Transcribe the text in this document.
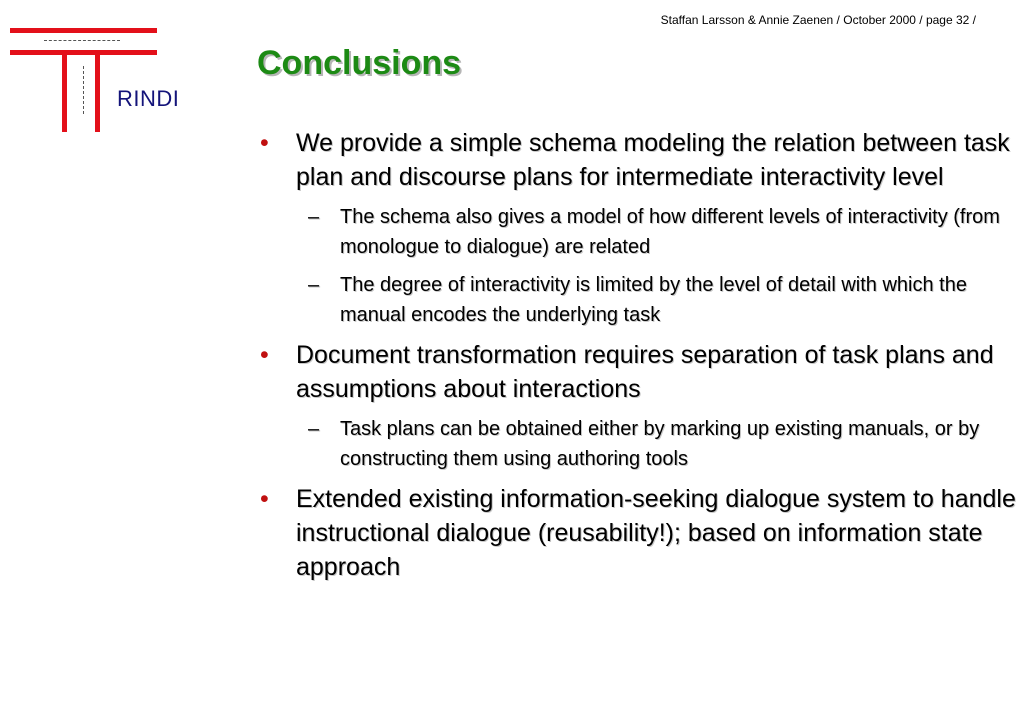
Staffan Larsson & Annie Zaenen / October 2000 / page 32 /
RINDI
Conclusions
• We provide a simple schema modeling the relation between task plan and discourse plans for intermediate interactivity level
– The schema also gives a model of how different levels of interactivity (from monologue to dialogue) are related
– The degree of interactivity is limited by the level of detail with which the manual encodes the underlying task
• Document transformation requires separation of task plans and assumptions about interactions
– Task plans can be obtained either by marking up existing manuals, or by constructing them using authoring tools
• Extended existing information-seeking dialogue system to handle instructional dialogue (reusability!); based on information state approach
